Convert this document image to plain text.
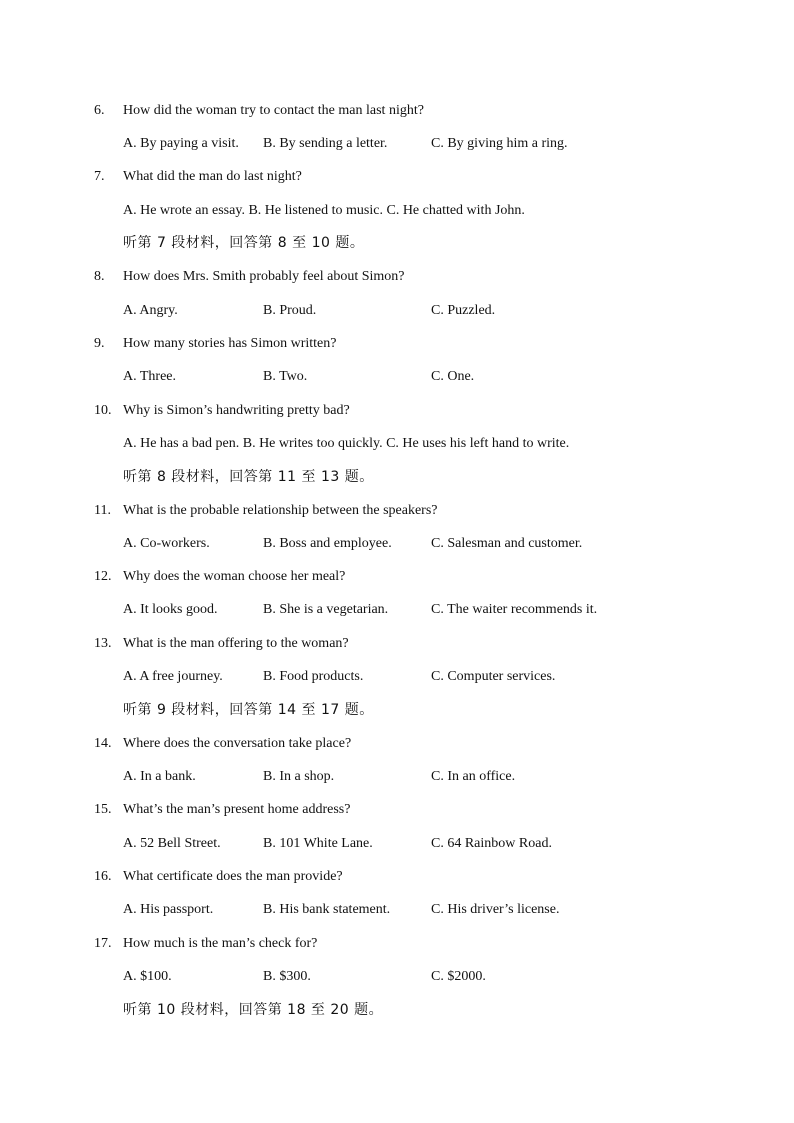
6. How did the woman try to contact the man last night?
A. By paying a visit. B. By sending a letter.	C. By giving him a ring.
7. What did the man do last night?
A. He wrote an essay. B. He listened to music. C. He chatted with John.
听第 7 段材料，回答第 8 至 10 题。
8. How does Mrs. Smith probably feel about Simon?
A. Angry.	B. Proud.	C. Puzzled.
9. How many stories has Simon written?
A. Three.	B. Two.	C. One.
10. Why is Simon’s handwriting pretty bad?
A. He has a bad pen. B. He writes too quickly. C. He uses his left hand to write.
听第 8 段材料，回答第 11 至 13 题。
11. What is the probable relationship between the speakers?
A. Co-workers.	B. Boss and employee.	C. Salesman and customer.
12. Why does the woman choose her meal?
A. It looks good.	B. She is a vegetarian.	C. The waiter recommends it.
13. What is the man offering to the woman?
A. A free journey.	B. Food products.	C. Computer services.
听第 9 段材料，回答第 14 至 17 题。
14. Where does the conversation take place?
A. In a bank.	B. In a shop.	C. In an office.
15. What’s the man’s present home address?
A. 52 Bell Street.	B. 101 White Lane.	C. 64 Rainbow Road.
16. What certificate does the man provide?
A. His passport.	B. His bank statement.	C. His driver’s license.
17. How much is the man’s check for?
A. $100.	B. $300.	C. $2000.
听第 10 段材料，回答第 18 至 20 题。
